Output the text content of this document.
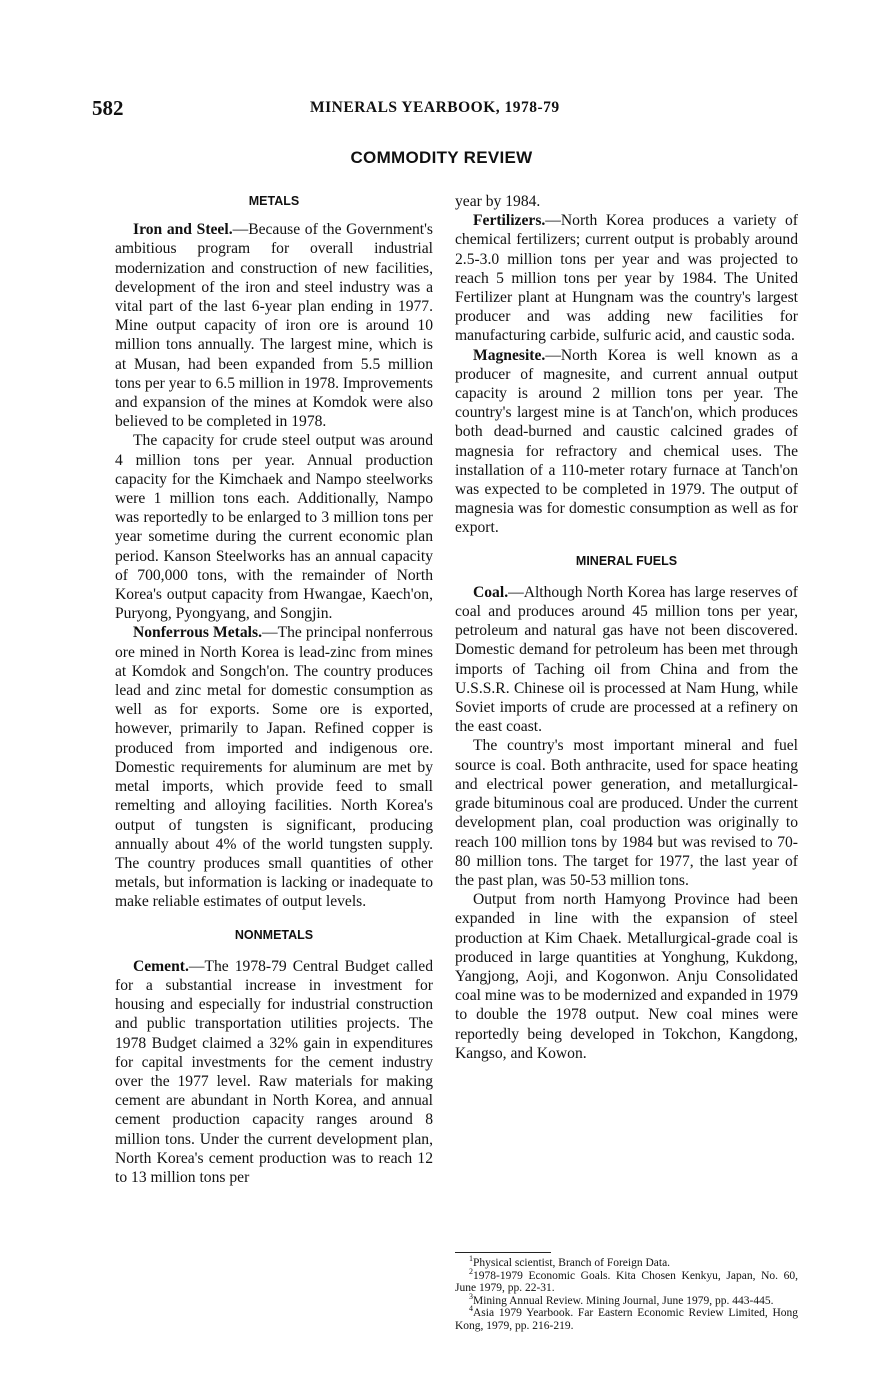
582	MINERALS YEARBOOK, 1978-79
COMMODITY REVIEW
METALS

Iron and Steel.—Because of the Government's ambitious program for overall industrial modernization and construction of new facilities, development of the iron and steel industry was a vital part of the last 6-year plan ending in 1977. Mine output capacity of iron ore is around 10 million tons annually. The largest mine, which is at Musan, had been expanded from 5.5 million tons per year to 6.5 million in 1978. Improvements and expansion of the mines at Komdok were also believed to be completed in 1978.

The capacity for crude steel output was around 4 million tons per year. Annual production capacity for the Kimchaek and Nampo steelworks were 1 million tons each. Additionally, Nampo was reportedly to be enlarged to 3 million tons per year sometime during the current economic plan period. Kanson Steelworks has an annual capacity of 700,000 tons, with the remainder of North Korea's output capacity from Hwangae, Kaech'on, Puryong, Pyongyang, and Songjin.

Nonferrous Metals.—The principal nonferrous ore mined in North Korea is lead-zinc from mines at Komdok and Songch'on. The country produces lead and zinc metal for domestic consumption as well as for exports. Some ore is exported, however, primarily to Japan. Refined copper is produced from imported and indigenous ore. Domestic requirements for aluminum are met by metal imports, which provide feed to small remelting and alloying facilities. North Korea's output of tungsten is significant, producing annually about 4% of the world tungsten supply. The country produces small quantities of other metals, but information is lacking or inadequate to make reliable estimates of output levels.

NONMETALS

Cement.—The 1978-79 Central Budget called for a substantial increase in investment for housing and especially for industrial construction and public transportation utilities projects. The 1978 Budget claimed a 32% gain in expenditures for capital investments for the cement industry over the 1977 level. Raw materials for making cement are abundant in North Korea, and annual cement production capacity ranges around 8 million tons. Under the current development plan, North Korea's cement production was to reach 12 to 13 million tons per

year by 1984.

Fertilizers.—North Korea produces a variety of chemical fertilizers; current output is probably around 2.5-3.0 million tons per year and was projected to reach 5 million tons per year by 1984. The United Fertilizer plant at Hungnam was the country's largest producer and was adding new facilities for manufacturing carbide, sulfuric acid, and caustic soda.

Magnesite.—North Korea is well known as a producer of magnesite, and current annual output capacity is around 2 million tons per year. The country's largest mine is at Tanch'on, which produces both dead-burned and caustic calcined grades of magnesia for refractory and chemical uses. The installation of a 110-meter rotary furnace at Tanch'on was expected to be completed in 1979. The output of magnesia was for domestic consumption as well as for export.

MINERAL FUELS

Coal.—Although North Korea has large reserves of coal and produces around 45 million tons per year, petroleum and natural gas have not been discovered. Domestic demand for petroleum has been met through imports of Taching oil from China and from the U.S.S.R. Chinese oil is processed at Nam Hung, while Soviet imports of crude are processed at a refinery on the east coast.

The country's most important mineral and fuel source is coal. Both anthracite, used for space heating and electrical power generation, and metallurgical-grade bituminous coal are produced. Under the current development plan, coal production was originally to reach 100 million tons by 1984 but was revised to 70-80 million tons. The target for 1977, the last year of the past plan, was 50-53 million tons.

Output from north Hamyong Province had been expanded in line with the expansion of steel production at Kim Chaek. Metallurgical-grade coal is produced in large quantities at Yonghung, Kukdong, Yangjong, Aoji, and Kogonwon. Anju Consolidated coal mine was to be modernized and expanded in 1979 to double the 1978 output. New coal mines were reportedly being developed in Tokchon, Kangdong, Kangso, and Kowon.

$^1$Physical scientist, Branch of Foreign Data.

$^2$1978-1979 Economic Goals. Kita Chosen Kenkyu, Japan, No. 60, June 1979, pp. 22-31.

$^3$Mining Annual Review. Mining Journal, June 1979, pp. 443-445.

$^4$Asia 1979 Yearbook. Far Eastern Economic Review Limited, Hong Kong, 1979, pp. 216-219.
